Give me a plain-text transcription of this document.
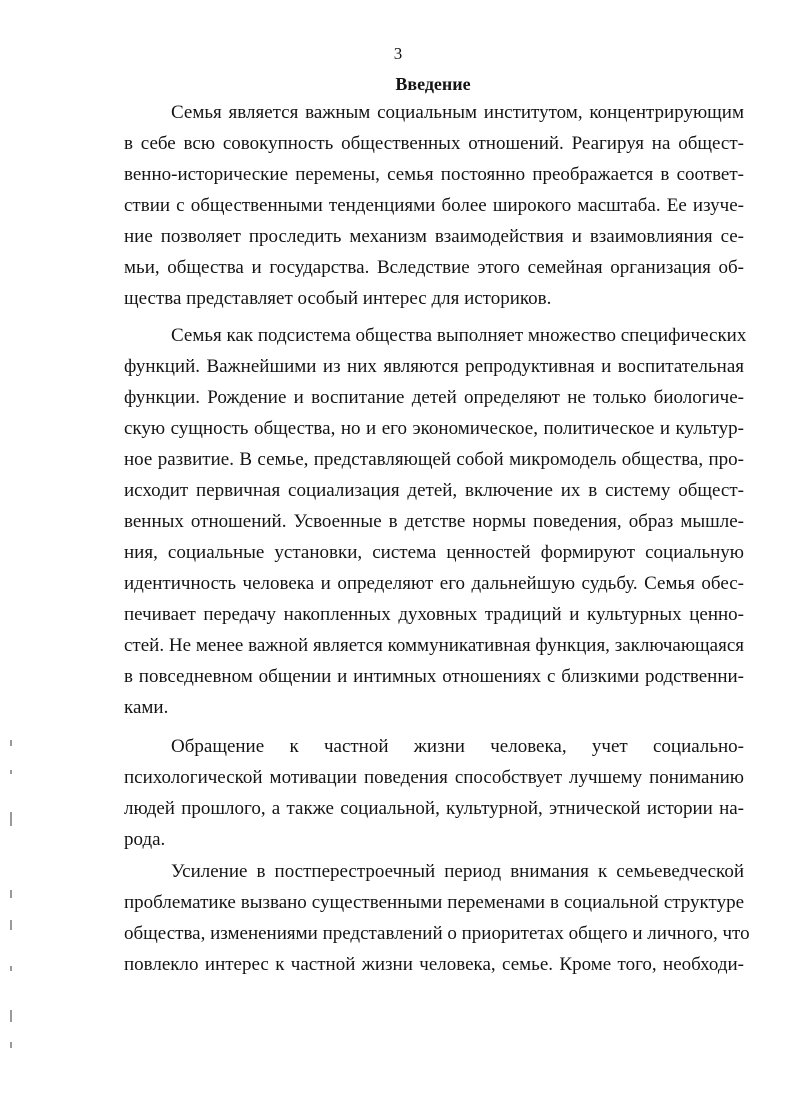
3
Введение
Семья является важным социальным институтом, концентрирующим
в себе всю совокупность общественных отношений. Реагируя на общест-
венно-исторические перемены, семья постоянно преображается в соответ-
ствии с общественными тенденциями более широкого масштаба. Ее изуче-
ние позволяет проследить механизм взаимодействия и взаимовлияния се-
мьи, общества и государства. Вследствие этого семейная организация об-
щества представляет особый интерес для историков.
Семья как подсистема общества выполняет множество специфических
функций. Важнейшими из них являются репродуктивная и воспитательная
функции. Рождение и воспитание детей определяют не только биологиче-
скую сущность общества, но и его экономическое, политическое и культур-
ное развитие. В семье, представляющей собой микромодель общества, про-
исходит первичная социализация детей, включение их в систему общест-
венных отношений. Усвоенные в детстве нормы поведения, образ мышле-
ния, социальные установки, система ценностей формируют социальную
идентичность человека и определяют его дальнейшую судьбу. Семья обес-
печивает передачу накопленных духовных традиций и культурных ценно-
стей. Не менее важной является коммуникативная функция, заключающаяся
в повседневном общении и интимных отношениях с близкими родственни-
ками.
Обращение к частной жизни человека, учет социально-
психологической мотивации поведения способствует лучшему пониманию
людей прошлого, а также социальной, культурной, этнической истории на-
рода.
Усиление в постперестроечный период внимания к семьеведческой
проблематике вызвано существенными переменами в социальной структуре
общества, изменениями представлений о приоритетах общего и личного, что
повлекло интерес к частной жизни человека, семье. Кроме того, необходи-
